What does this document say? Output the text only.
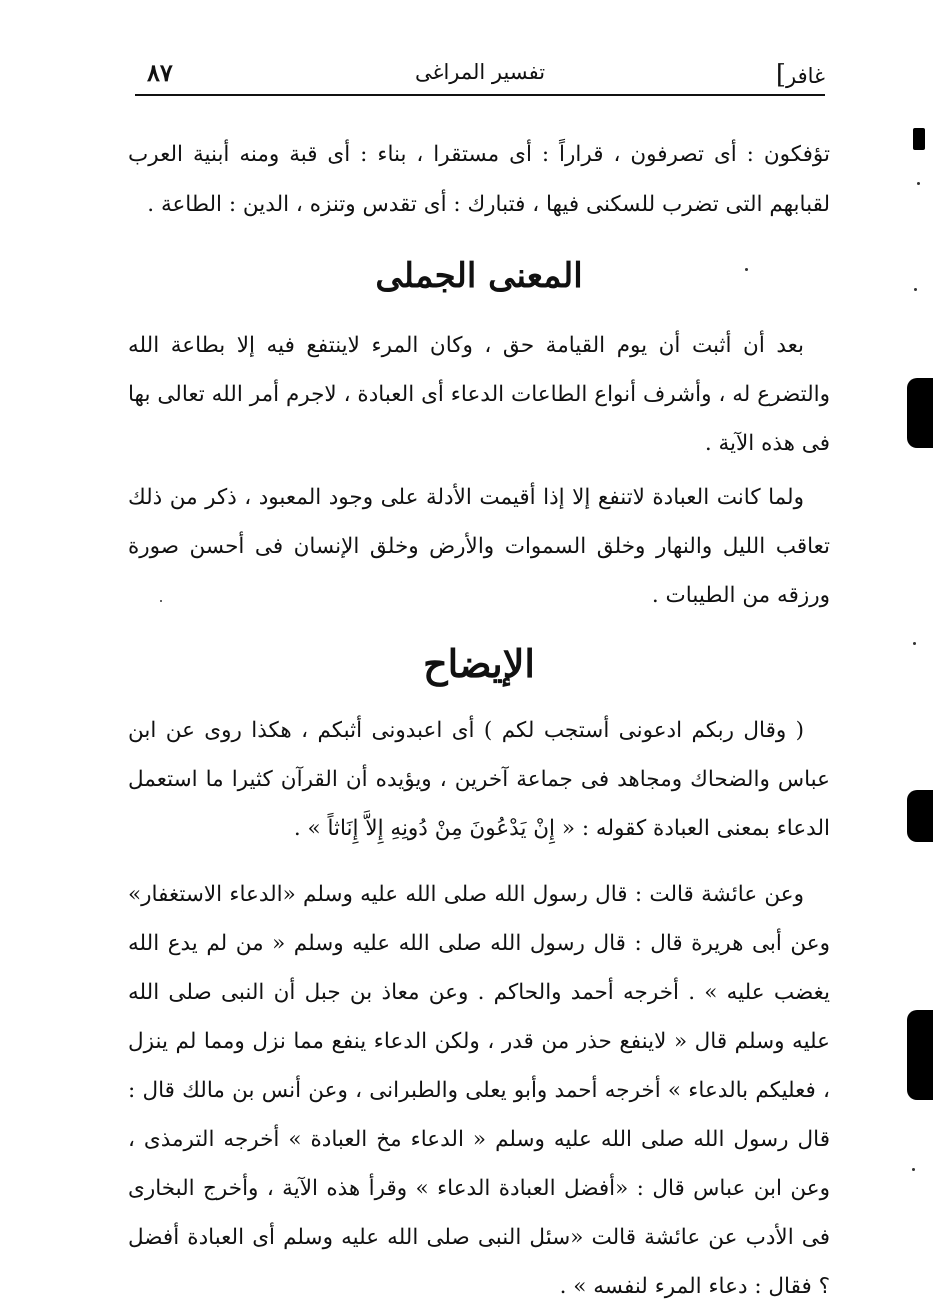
٨٧	تفسير المراغى	غافر]

تؤفكون : أى تصرفون ، قراراً : أى مستقرا ، بناء : أى قبة ومنه أبنية العرب

لقبابهم التى تضرب للسكنى فيها ، فتبارك : أى تقدس وتنزه ، الدين : الطاعة .

المعنى الجملى

بعد أن أثبت أن يوم القيامة حق ، وكان المرء لاينتفع فيه إلا بطاعة الله والتضرع له ، وأشرف أنواع الطاعات الدعاء أى العبادة ، لاجرم أمر الله تعالى بها فى هذه الآية .

ولما كانت العبادة لاتنفع إلا إذا أقيمت الأدلة على وجود المعبود ، ذكر من ذلك تعاقب الليل والنهار وخلق السموات والأرض وخلق الإنسان فى أحسن صورة ورزقه من الطيبات .

الإيضاح

( وقال ربكم ادعونى أستجب لكم ) أى اعبدونى أثبكم ، هكذا روى عن ابن عباس والضحاك ومجاهد فى جماعة آخرين ، ويؤيده أن القرآن كثيرا ما استعمل الدعاء بمعنى العبادة كقوله : « إِنْ يَدْعُونَ مِنْ دُونِهِ إِلاَّ إِنَاثاً » .

وعن عائشة قالت : قال رسول الله صلى الله عليه وسلم «الدعاء الاستغفار» وعن أبى هريرة قال : قال رسول الله صلى الله عليه وسلم « من لم يدع الله يغضب عليه » . أخرجه أحمد والحاكم . وعن معاذ بن جبل أن النبى صلى الله عليه وسلم قال « لاينفع حذر من قدر ، ولكن الدعاء ينفع مما نزل ومما لم ينزل ، فعليكم بالدعاء » أخرجه أحمد وأبو يعلى والطبرانى ، وعن أنس بن مالك قال : قال رسول الله صلى الله عليه وسلم « الدعاء مخ العبادة » أخرجه الترمذى ، وعن ابن عباس قال : «أفضل العبادة الدعاء » وقرأ هذه الآية ، وأخرج البخارى فى الأدب عن عائشة قالت «سئل النبى صلى الله عليه وسلم أى العبادة أفضل ؟ فقال : دعاء المرء لنفسه » .
